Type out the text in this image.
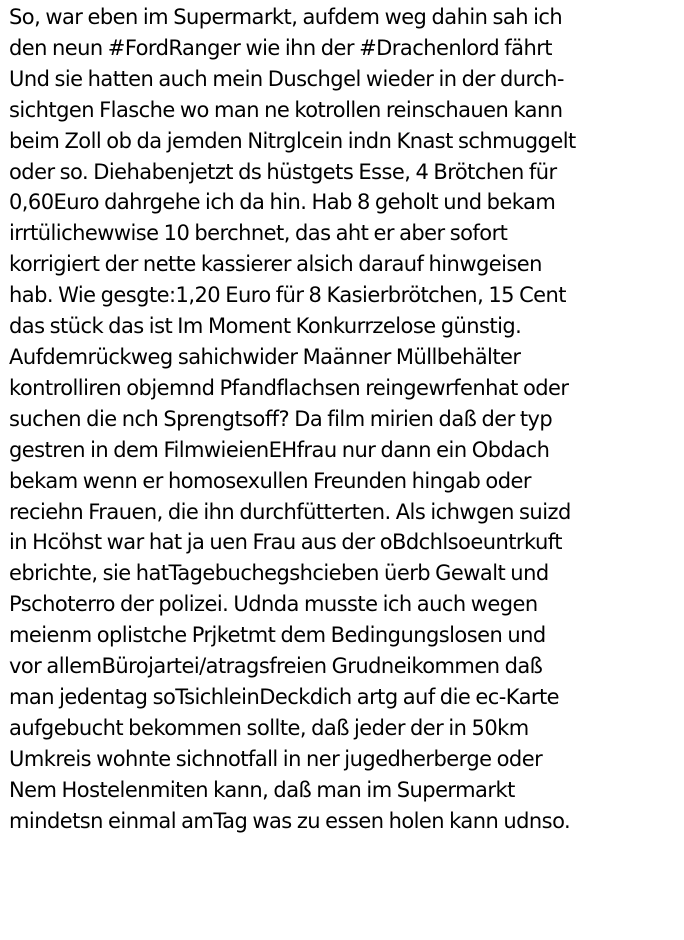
So, war eben im Supermarkt, aufdem weg dahin sah ich
den neun #FordRanger wie ihn der #Drachenlord fährt
Und sie hatten auch mein Duschgel wieder in der durch-
sichtgen Flasche wo man ne kotrollen reinschauen kann
beim Zoll ob da jemden Nitrglcein indn Knast schmuggelt
oder so. Diehabenjetzt ds hüstgets Esse, 4 Brötchen für
0,60Euro dahrgehe ich da hin. Hab 8 geholt und bekam
irrtülichewwise 10 berchnet, das aht er aber sofort
korrigiert der nette kassierer alsich darauf hinwgeisen
hab. Wie gesgte:1,20 Euro für 8 Kasierbrötchen, 15 Cent
das stück das ist Im Moment Konkurrzelose günstig.
Aufdemrückweg sahichwider Maänner Müllbehälter
kontrolliren objemnd Pfandflachsen reingewrfenhat oder
suchen die nch Sprengtsoff? Da film mirien daß der typ
gestren in dem FilmwieienEHfrau nur dann ein Obdach
bekam wenn er homosexullen Freunden hingab oder
reciehn Frauen, die ihn durchfütterten. Als ichwgen suizd
in Hcöhst war hat ja uen Frau aus der oBdchlsoeuntrkuft
ebrichte, sie hatTagebuchegshcieben üerb Gewalt und
Pschoterro der polizei. Udnda musste ich auch wegen
meienm oplistche Prjketmt dem Bedingungslosen und
vor allemBürojartei/atragsfreien Grudneikommen daß
man jedentag soTsichleinDeckdich artg auf die ec-Karte
aufgebucht bekommen sollte, daß jeder der in 50km
Umkreis wohnte sichnotfall in ner jugedherberge oder
Nem Hostelenmiten kann, daß man im Supermarkt
mindetsn einmal amTag was zu essen holen kann udnso.
